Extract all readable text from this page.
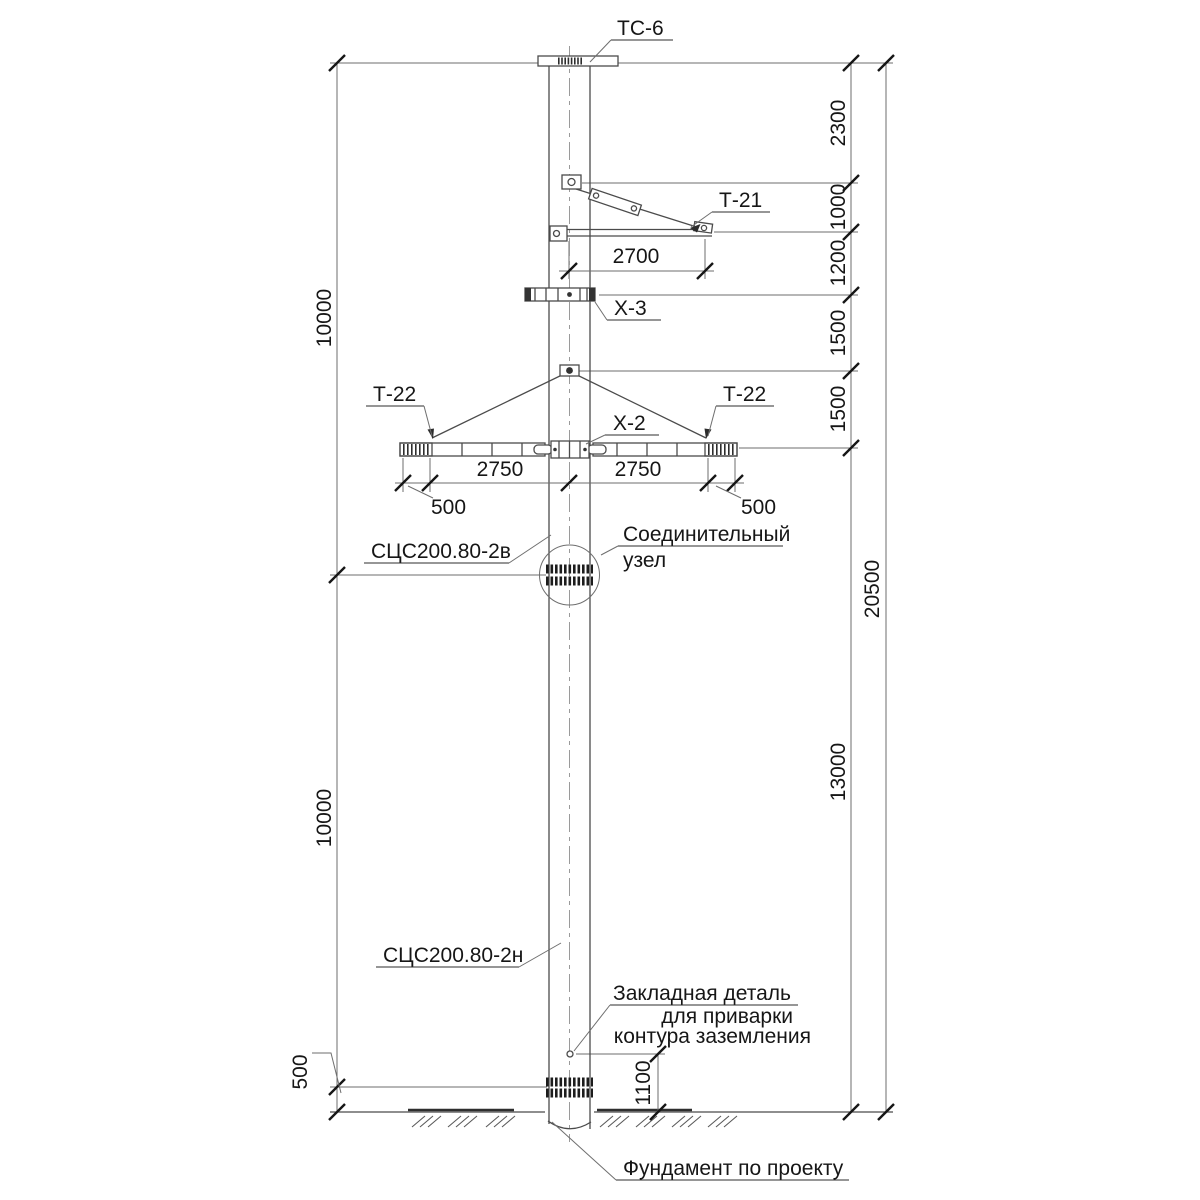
10000
10000
500
2300
1000
1200
1500
1500
13000
20500
1100
2700
2750	2750
500	500
ТС-6
Т-21
Х-3
Т-22	Т-22
Х-2
СЦС200.80-2в
Соединительный
узел
СЦС200.80-2н
Закладная деталь
для приварки
контура заземления
Фундамент по проекту
